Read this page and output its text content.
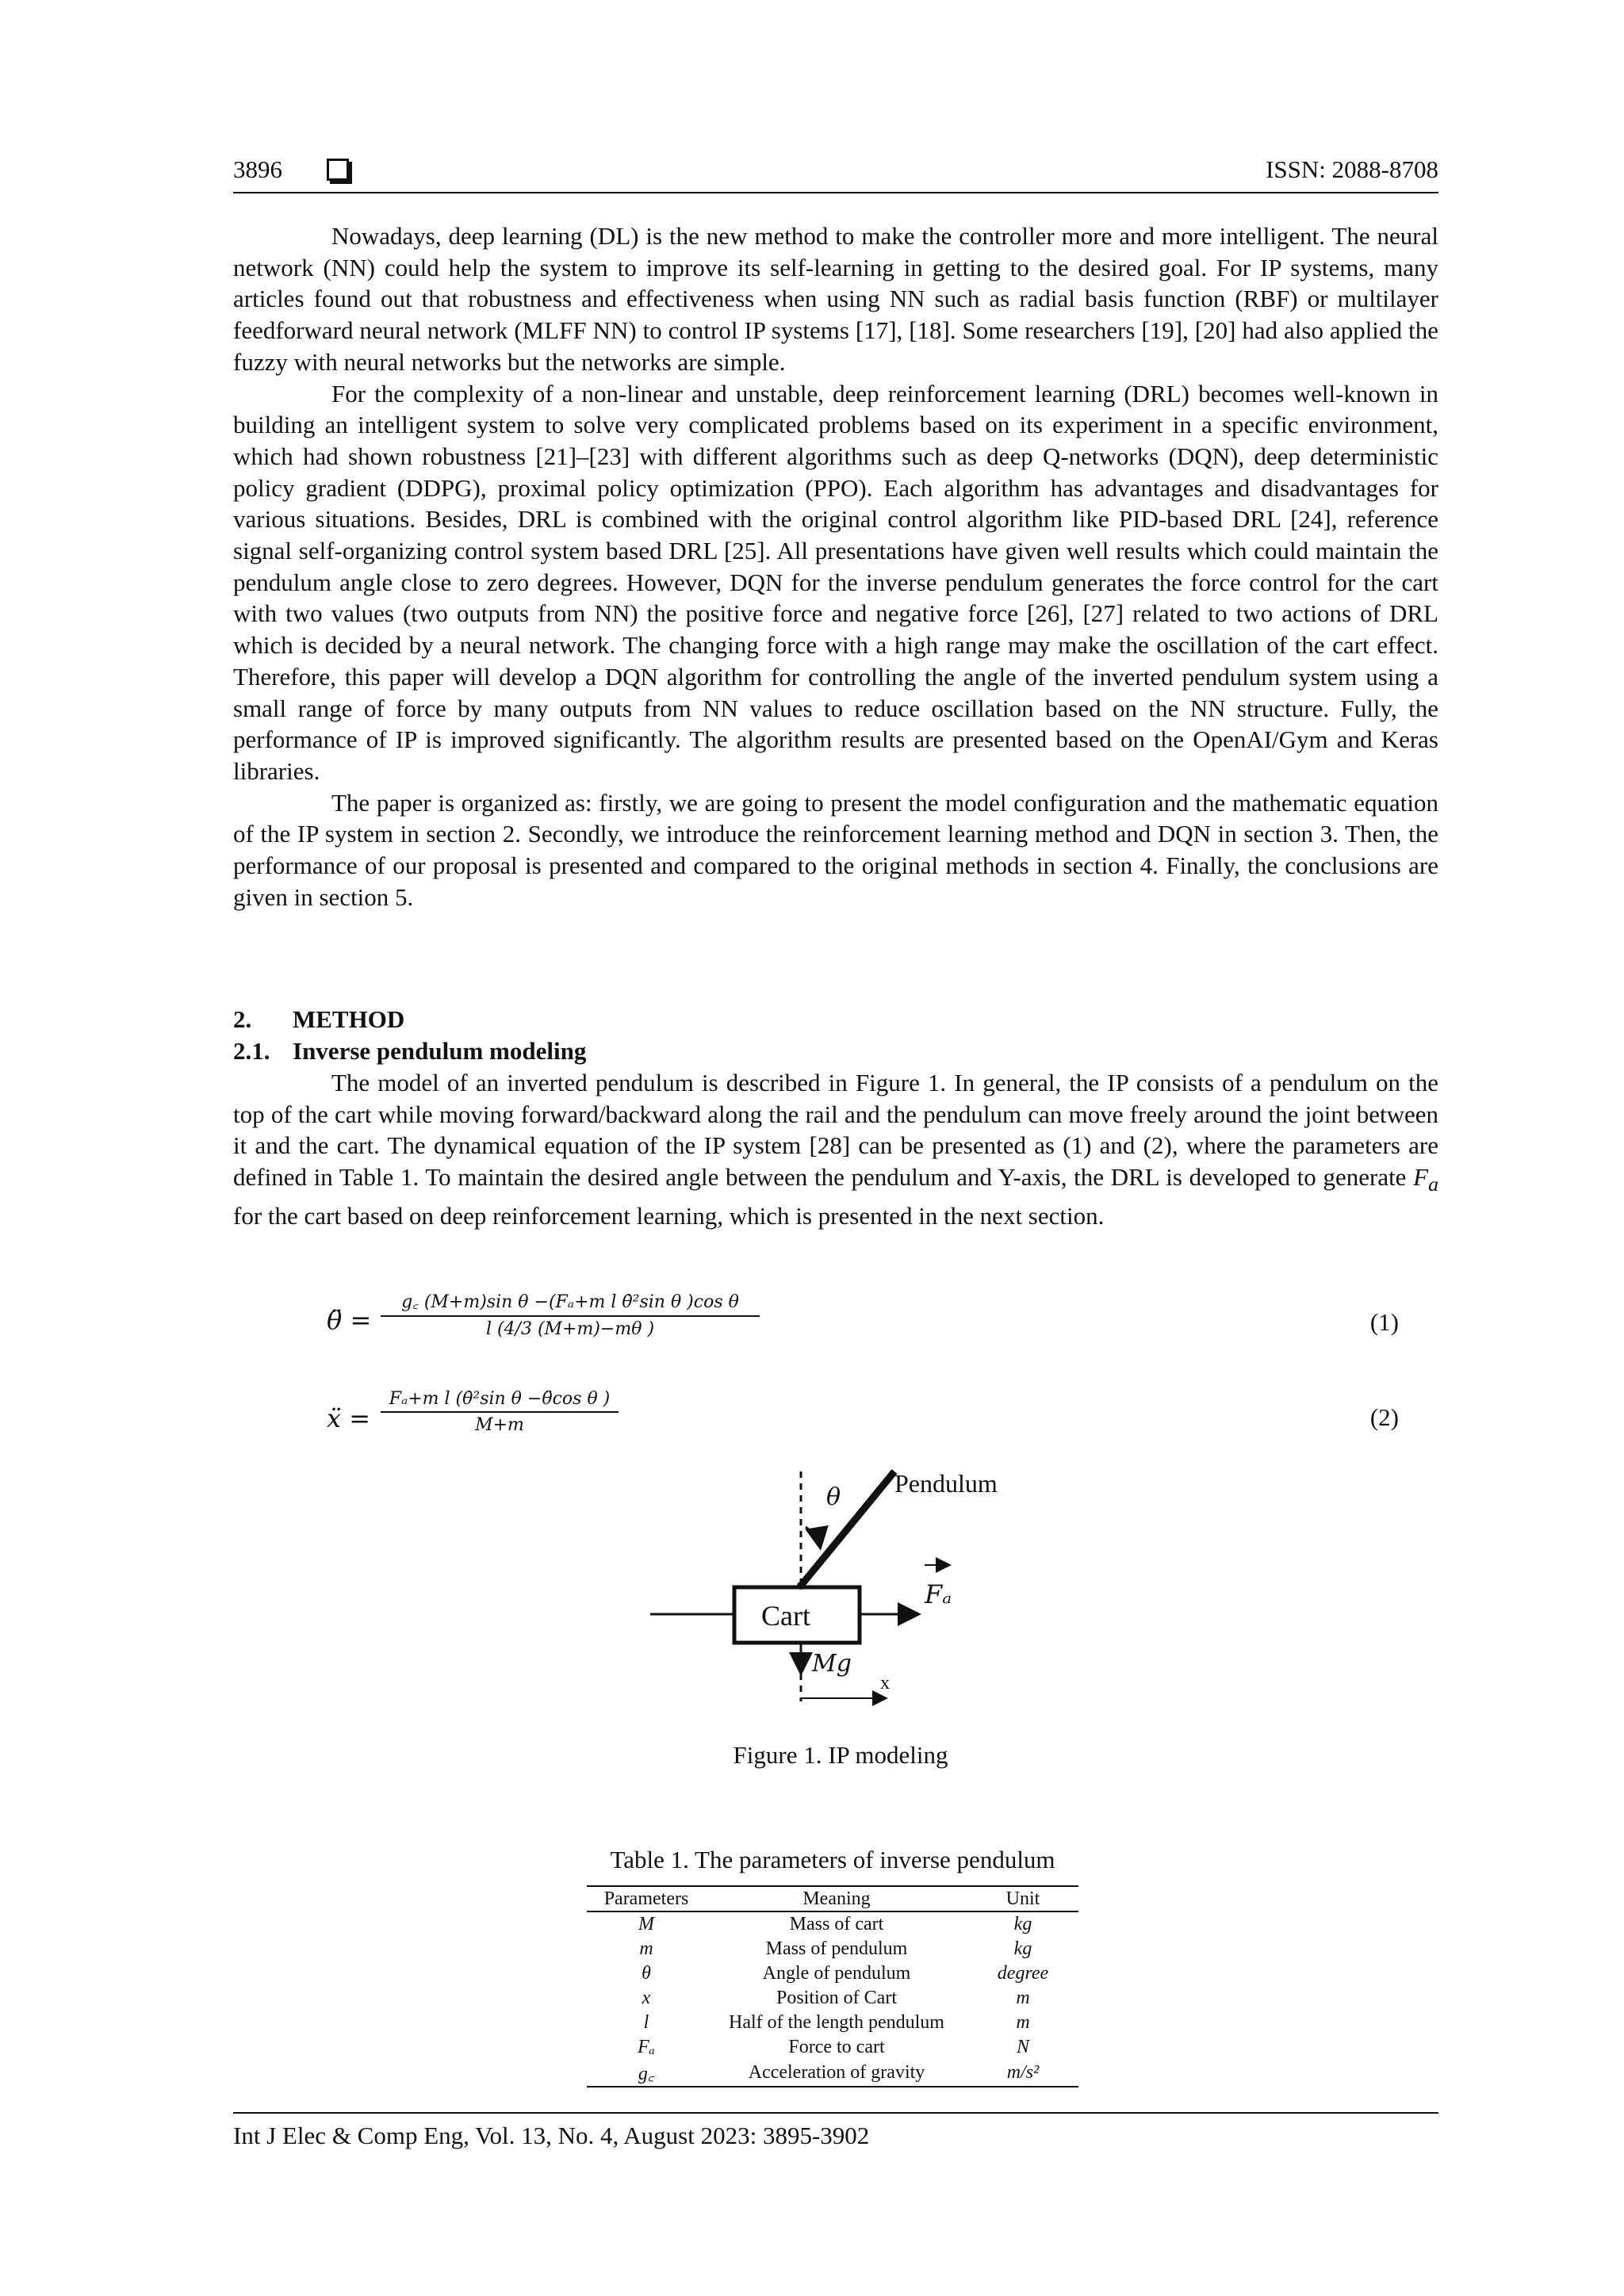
3896	ISSN: 2088-8708

Nowadays, deep learning (DL) is the new method to make the controller more and more intelligent. The neural network (NN) could help the system to improve its self-learning in getting to the desired goal. For IP systems, many articles found out that robustness and effectiveness when using NN such as radial basis function (RBF) or multilayer feedforward neural network (MLFF NN) to control IP systems [17], [18]. Some researchers [19], [20] had also applied the fuzzy with neural networks but the networks are simple.

For the complexity of a non-linear and unstable, deep reinforcement learning (DRL) becomes well-known in building an intelligent system to solve very complicated problems based on its experiment in a specific environment, which had shown robustness [21]–[23] with different algorithms such as deep Q-networks (DQN), deep deterministic policy gradient (DDPG), proximal policy optimization (PPO). Each algorithm has advantages and disadvantages for various situations. Besides, DRL is combined with the original control algorithm like PID-based DRL [24], reference signal self-organizing control system based DRL [25]. All presentations have given well results which could maintain the pendulum angle close to zero degrees. However, DQN for the inverse pendulum generates the force control for the cart with two values (two outputs from NN) the positive force and negative force [26], [27] related to two actions of DRL which is decided by a neural network. The changing force with a high range may make the oscillation of the cart effect. Therefore, this paper will develop a DQN algorithm for controlling the angle of the inverted pendulum system using a small range of force by many outputs from NN values to reduce oscillation based on the NN structure. Fully, the performance of IP is improved significantly. The algorithm results are presented based on the OpenAI/Gym and Keras libraries.

The paper is organized as: firstly, we are going to present the model configuration and the mathematic equation of the IP system in section 2. Secondly, we introduce the reinforcement learning method and DQN in section 3. Then, the performance of our proposal is presented and compared to the original methods in section 4. Finally, the conclusions are given in section 5.

2. METHOD
2.1. Inverse pendulum modeling

The model of an inverted pendulum is described in Figure 1. In general, the IP consists of a pendulum on the top of the cart while moving forward/backward along the rail and the pendulum can move freely around the joint between it and the cart. The dynamical equation of the IP system [28] can be presented as (1) and (2), where the parameters are defined in Table 1. To maintain the desired angle between the pendulum and Y-axis, the DRL is developed to generate $F_a$ for the cart based on deep reinforcement learning, which is presented in the next section.

θ̈ =
g꜀ (M+m)sin θ −(Fₐ+m l θ̇²sin θ )cos θ
l (4/3 (M+m)−mθ )	(1)
ẍ =
Fₐ+m l (θ̇²sin θ −θ̈cos θ )
M+m	(2)
θ Pendulum
Cart
Fₐ
Mg
x
Figure 1. IP modeling
Table 1. The parameters of inverse pendulum
Parameters	Meaning	Unit
M	Mass of cart	kg
m	Mass of pendulum	kg
θ	Angle of pendulum	degree
x	Position of Cart	m
l	Half of the length pendulum	m
Fₐ	Force to cart	N
g꜀	Acceleration of gravity	m/s²
Int J Elec & Comp Eng, Vol. 13, No. 4, August 2023: 3895-3902
